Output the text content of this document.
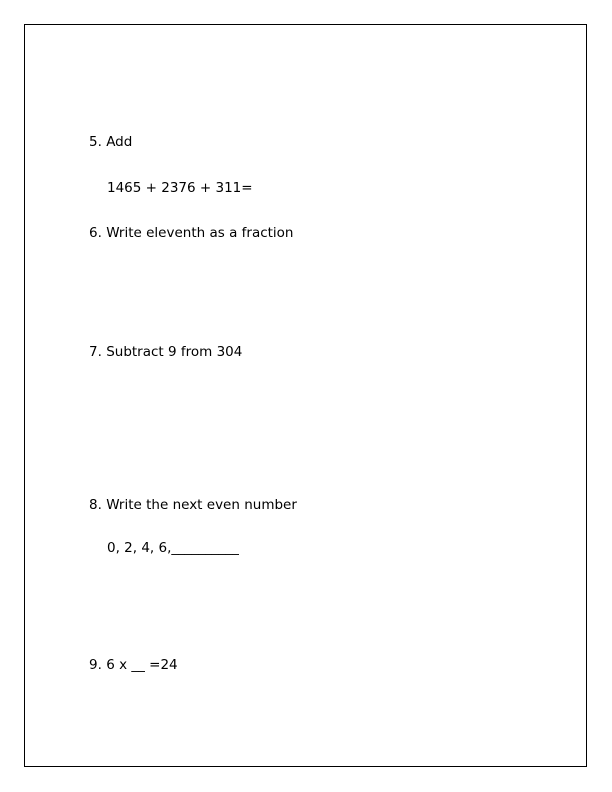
5. Add
1465 + 2376 + 311=
6. Write eleventh as a fraction
7. Subtract 9 from 304
8. Write the next even number
0, 2, 4, 6,__________
9. 6 x __ =24
